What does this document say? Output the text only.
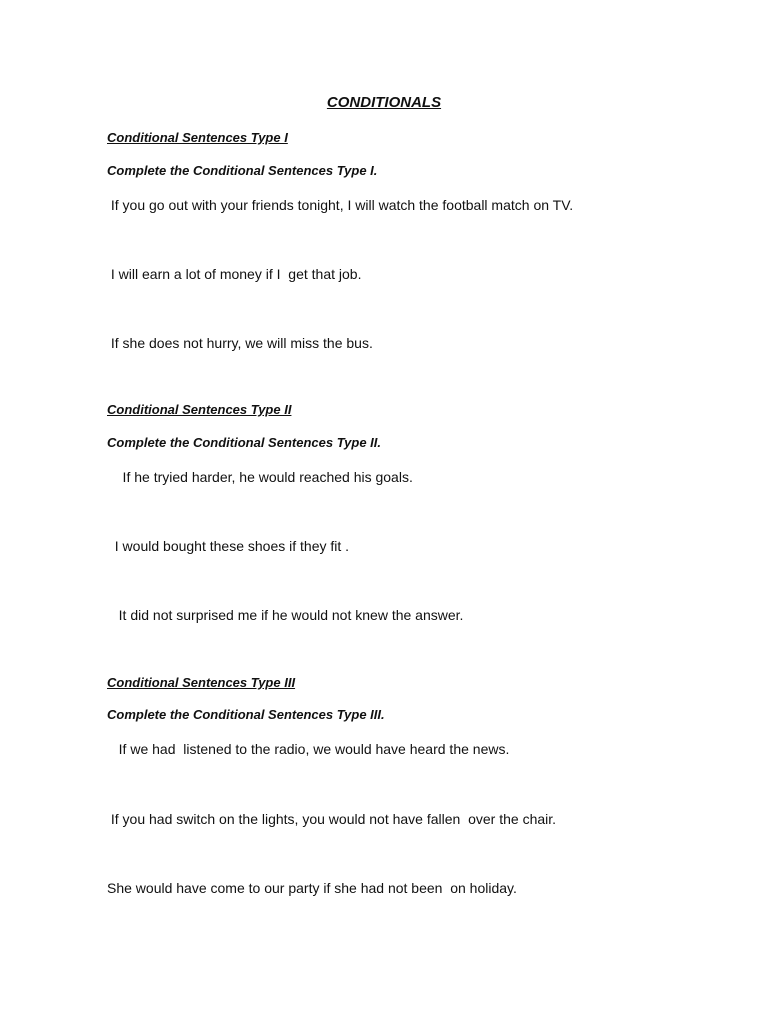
CONDITIONALS

Conditional Sentences Type I

Complete the Conditional Sentences Type I.

If you go out with your friends tonight, I will watch the football match on TV.

I will earn a lot of money if I  get that job.

If she does not hurry, we will miss the bus.

Conditional Sentences Type II

Complete the Conditional Sentences Type II.

If he tryied harder, he would reached his goals.

I would bought these shoes if they fit .

It did not surprised me if he would not knew the answer.

Conditional Sentences Type III

Complete the Conditional Sentences Type III.

If we had  listened to the radio, we would have heard the news.

If you had switch on the lights, you would not have fallen  over the chair.

She would have come to our party if she had not been  on holiday.
